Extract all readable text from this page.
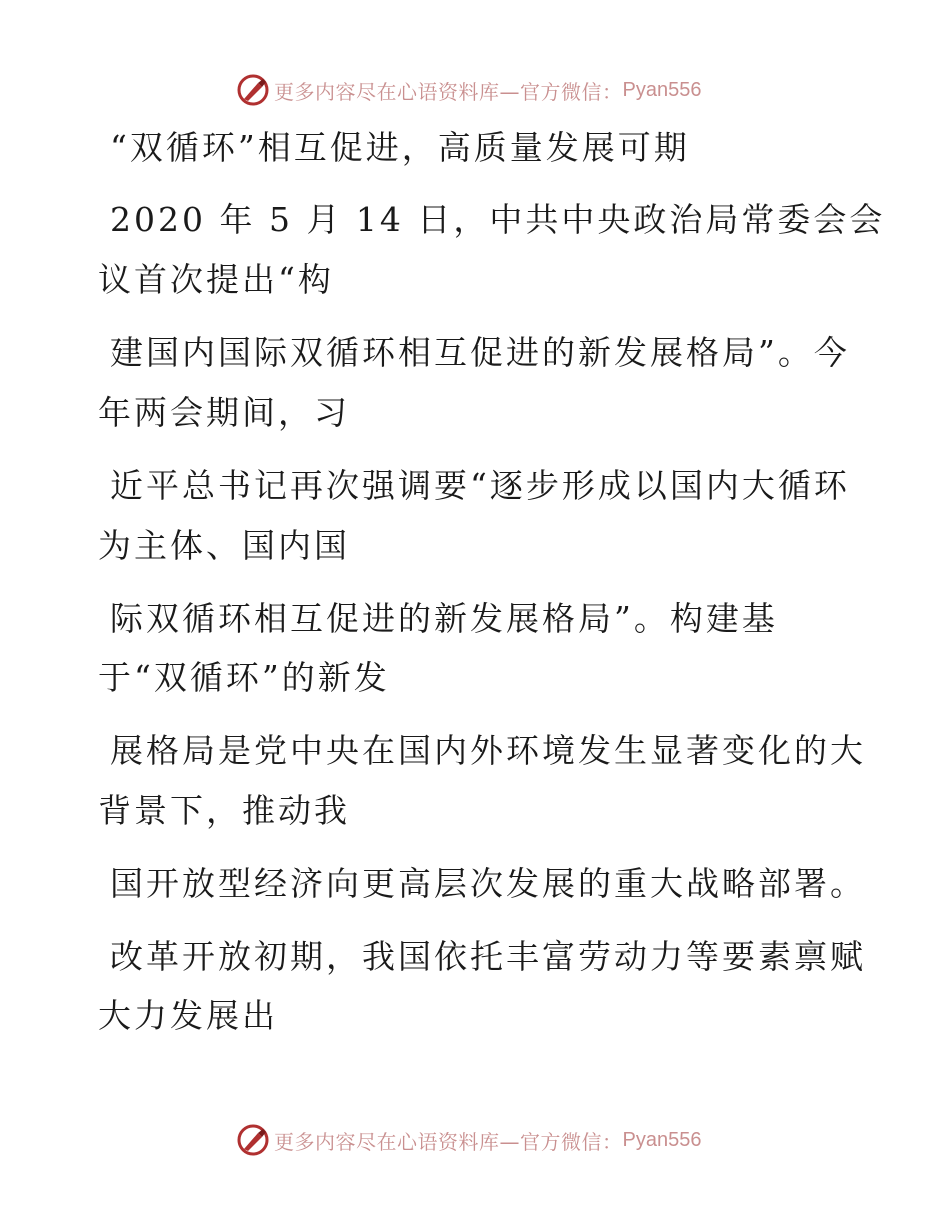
更多内容尽在心语资料库—官方微信： Pyan556
“双循环”相互促进，高质量发展可期
2020 年 5 月 14 日，中共中央政治局常委会会
议首次提出“构
建国内国际双循环相互促进的新发展格局”。今
年两会期间，习
近平总书记再次强调要“逐步形成以国内大循环
为主体、国内国
际双循环相互促进的新发展格局”。构建基
于“双循环”的新发
展格局是党中央在国内外环境发生显著变化的大
背景下，推动我
国开放型经济向更高层次发展的重大战略部署。
改革开放初期，我国依托丰富劳动力等要素禀赋
大力发展出
更多内容尽在心语资料库—官方微信： Pyan556
